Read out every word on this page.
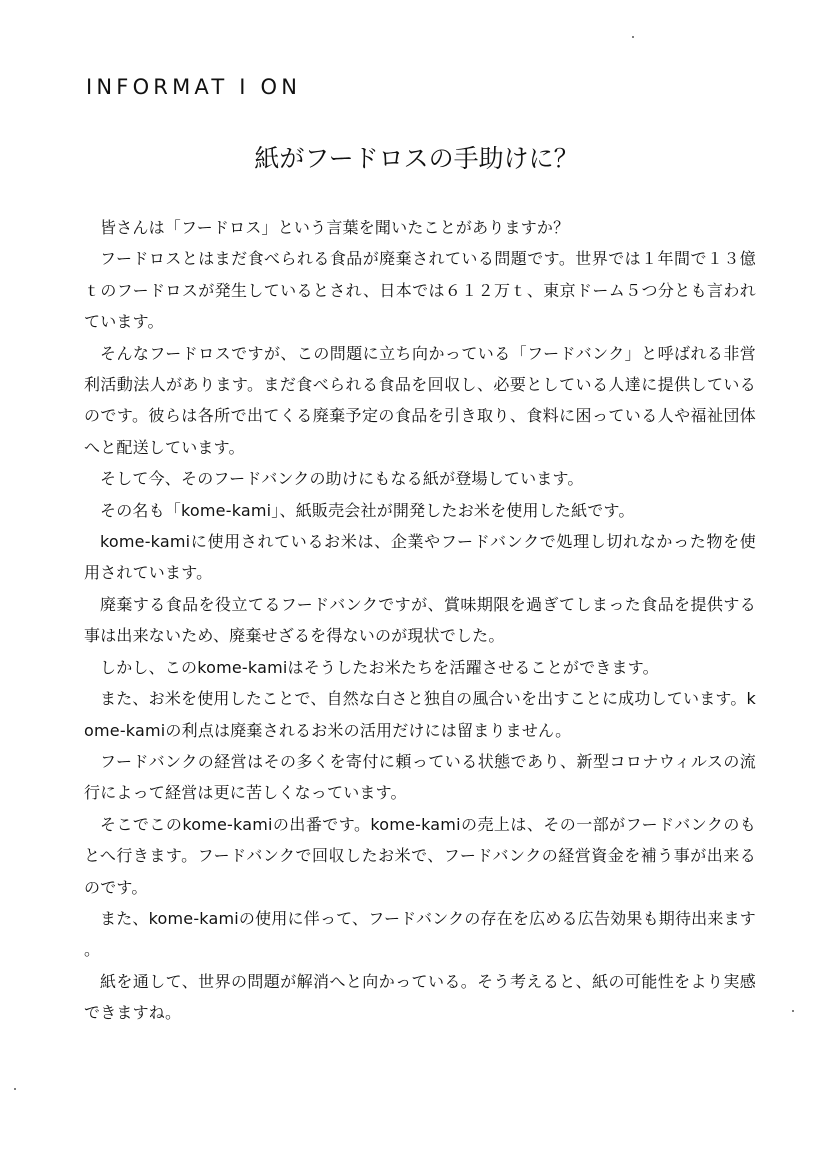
INFORMAT I ON
紙がフードロスの手助けに？

皆さんは「フードロス」という言葉を聞いたことがありますか？

フードロスとはまだ食べられる食品が廃棄されている問題です。世界では１年間で１３億ｔのフードロスが発生しているとされ、日本では６１２万ｔ、東京ドーム５つ分とも言われています。

そんなフードロスですが、この問題に立ち向かっている「フードバンク」と呼ばれる非営利活動法人があります。まだ食べられる食品を回収し、必要としている人達に提供しているのです。彼らは各所で出てくる廃棄予定の食品を引き取り、食料に困っている人や福祉団体へと配送しています。

そして今、そのフードバンクの助けにもなる紙が登場しています。

その名も「kome-kami」、紙販売会社が開発したお米を使用した紙です。

kome-kamiに使用されているお米は、企業やフードバンクで処理し切れなかった物を使用されています。

廃棄する食品を役立てるフードバンクですが、賞味期限を過ぎてしまった食品を提供する事は出来ないため、廃棄せざるを得ないのが現状でした。

しかし、このkome-kamiはそうしたお米たちを活躍させることができます。

また、お米を使用したことで、自然な白さと独自の風合いを出すことに成功しています。kome-kamiの利点は廃棄されるお米の活用だけには留まりません。

フードバンクの経営はその多くを寄付に頼っている状態であり、新型コロナウィルスの流行によって経営は更に苦しくなっています。

そこでこのkome-kamiの出番です。kome-kamiの売上は、その一部がフードバンクのもとへ行きます。フードバンクで回収したお米で、フードバンクの経営資金を補う事が出来るのです。

また、kome-kamiの使用に伴って、フードバンクの存在を広める広告効果も期待出来ます。

紙を通して、世界の問題が解消へと向かっている。そう考えると、紙の可能性をより実感できますね。
